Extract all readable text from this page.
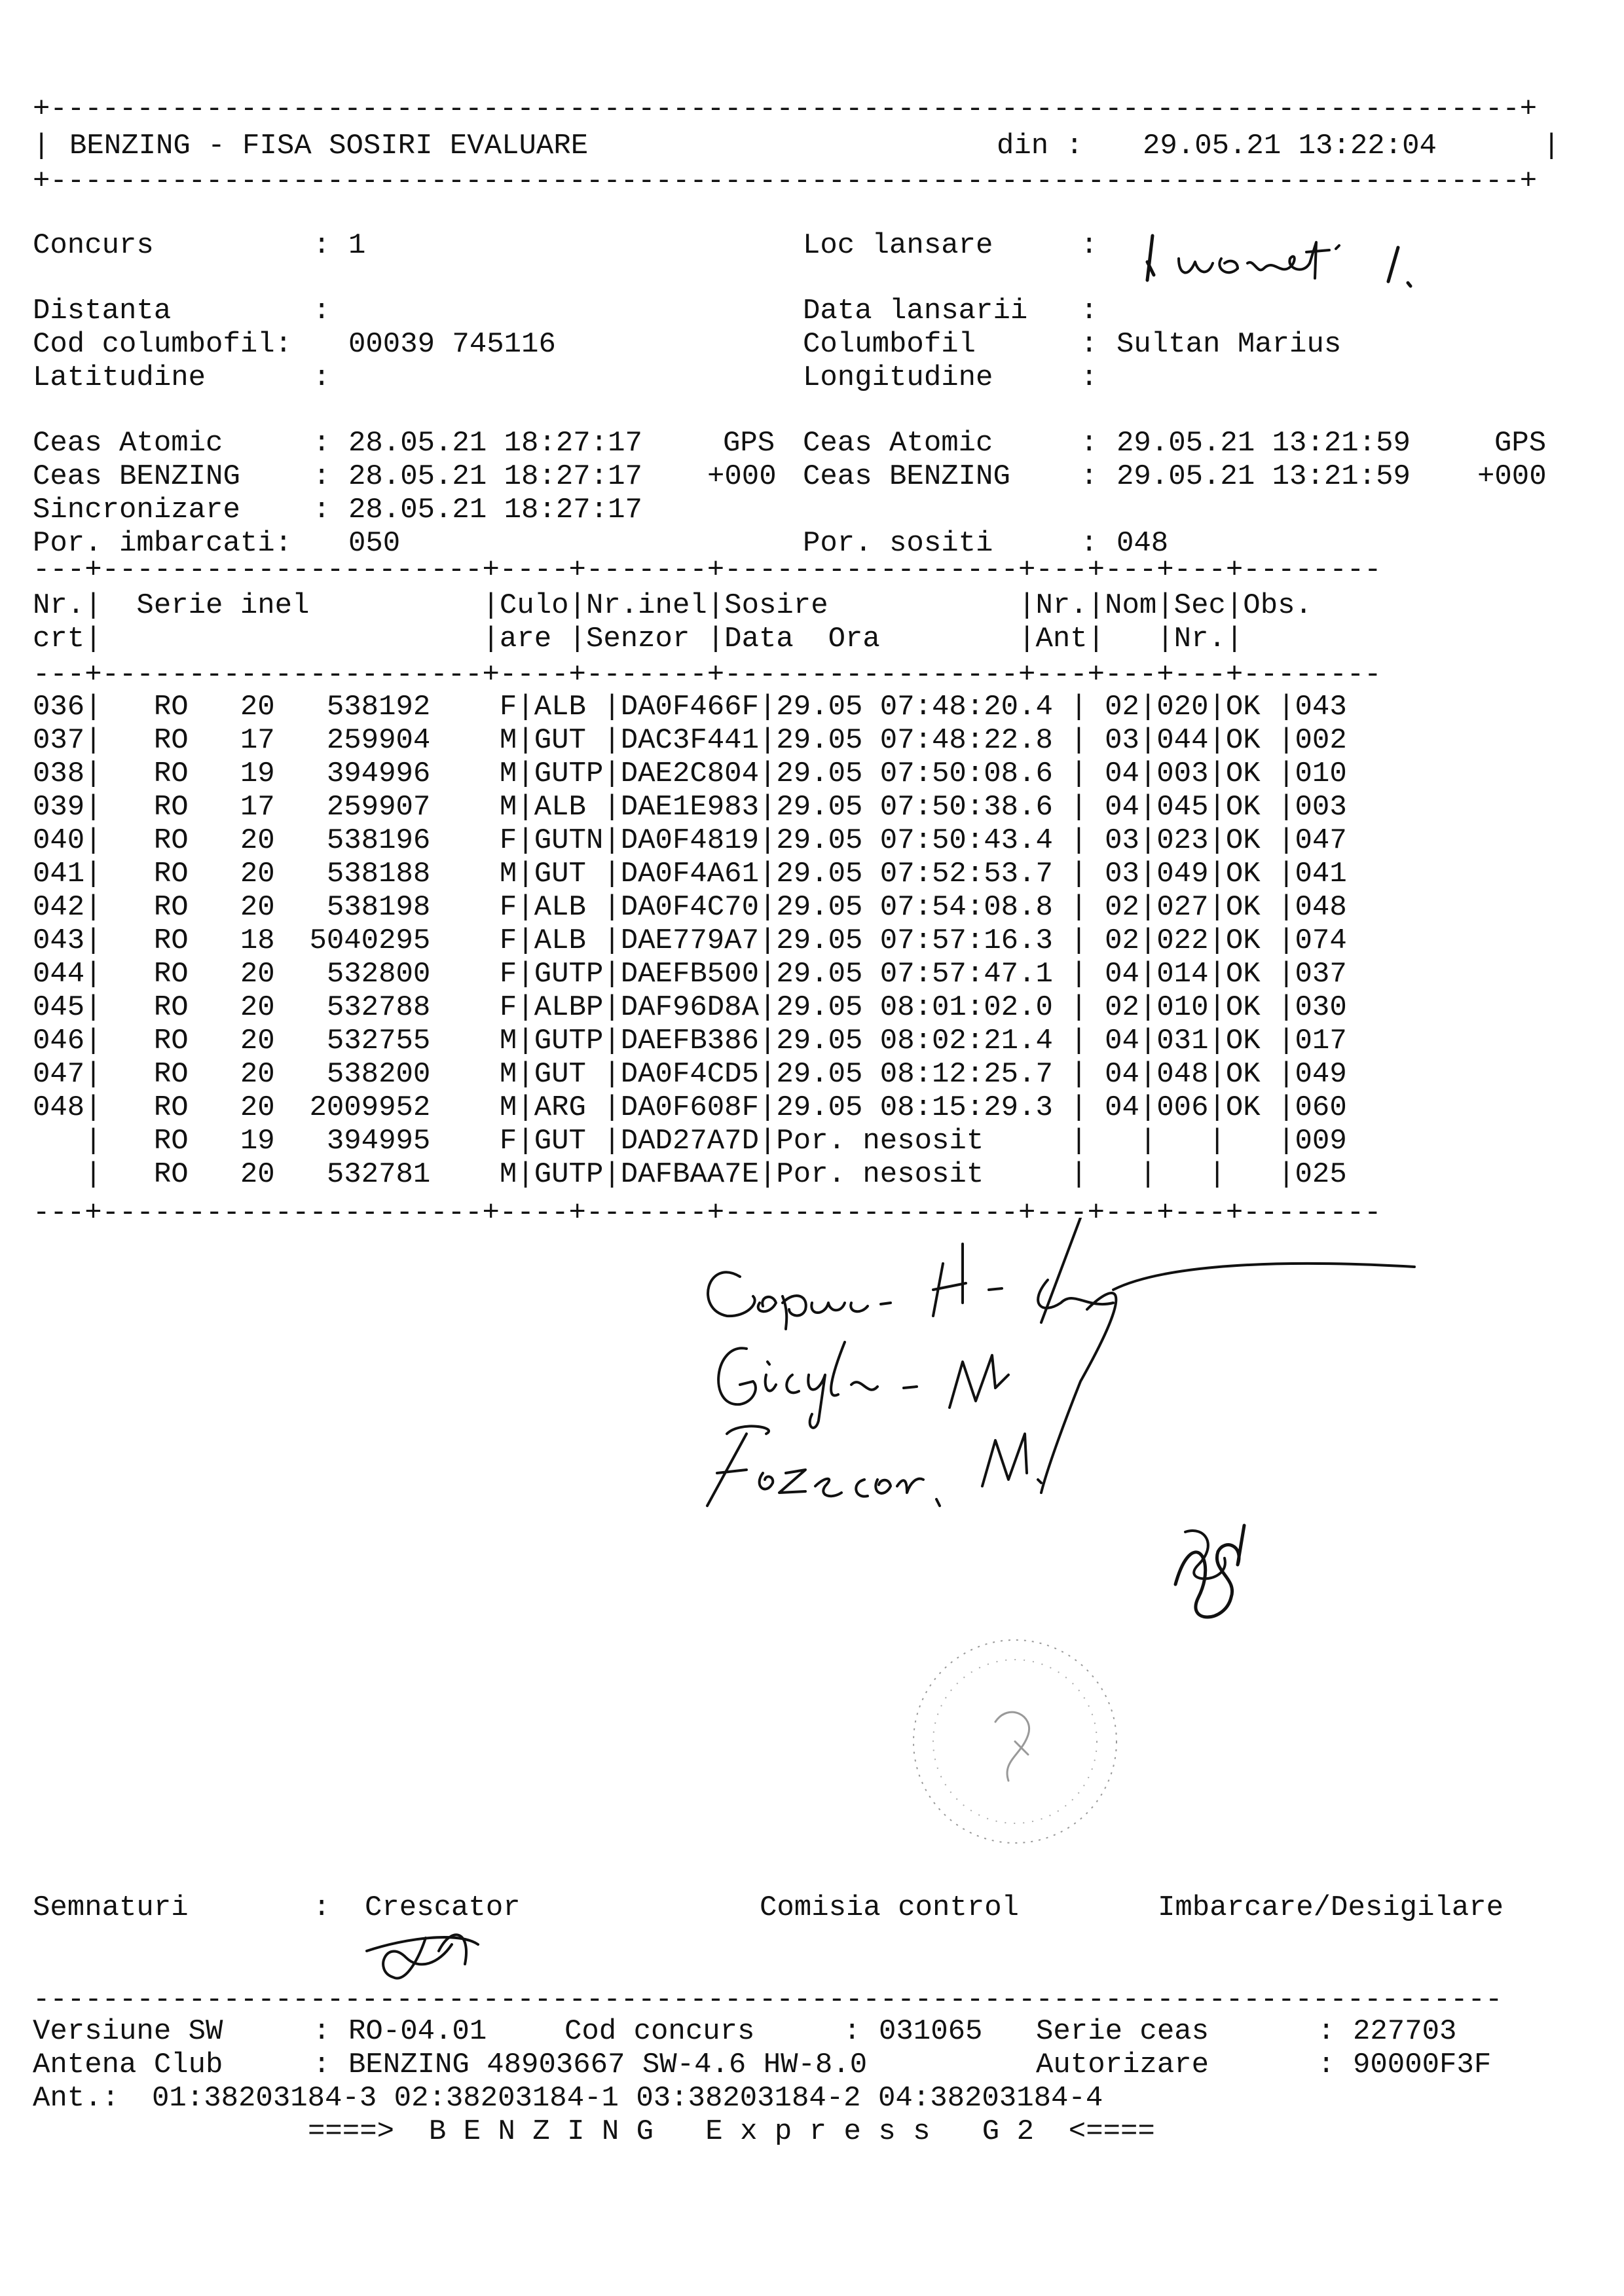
+-------------------------------------------------------------------------------------+
| BENZING - FISA SOSIRI EVALUARE	din : 29.05.21 13:22:04	|
+-------------------------------------------------------------------------------------+
Concurs	: 1	Loc lansare	:
Distanta	:	Data lansarii :
Cod columbofil: 00039 745116	Columbofil	: Sultan Marius
Latitudine	:	Longitudine	:
Ceas Atomic	: 28.05.21 18:27:17	GPS Ceas Atomic	: 29.05.21 13:21:59	GPS
Ceas BENZING	: 28.05.21 18:27:17 +000 Ceas BENZING : 29.05.21 13:21:59 +000
Sincronizare	: 28.05.21 18:27:17
Por. imbarcati: 050	Por. sositi	: 048
---+----------------------+----+-------+-----------------+---+---+---+--------
Nr.|  Serie inel          |Culo|Nr.inel|Sosire           |Nr.|Nom|Sec|Obs.
crt|                      |are |Senzor |Data  Ora        |Ant|   |Nr.|
---+----------------------+----+-------+-----------------+---+---+---+--------
036|   RO   20   538192    F|ALB |DA0F466F|29.05 07:48:20.4 | 02|020|OK |043
037|   RO   17   259904    M|GUT |DAC3F441|29.05 07:48:22.8 | 03|044|OK |002
038|   RO   19   394996    M|GUTP|DAE2C804|29.05 07:50:08.6 | 04|003|OK |010
039|   RO   17   259907    M|ALB |DAE1E983|29.05 07:50:38.6 | 04|045|OK |003
040|   RO   20   538196    F|GUTN|DA0F4819|29.05 07:50:43.4 | 03|023|OK |047
041|   RO   20   538188    M|GUT |DA0F4A61|29.05 07:52:53.7 | 03|049|OK |041
042|   RO   20   538198    F|ALB |DA0F4C70|29.05 07:54:08.8 | 02|027|OK |048
043|   RO   18  5040295    F|ALB |DAE779A7|29.05 07:57:16.3 | 02|022|OK |074
044|   RO   20   532800    F|GUTP|DAEFB500|29.05 07:57:47.1 | 04|014|OK |037
045|   RO   20   532788    F|ALBP|DAF96D8A|29.05 08:01:02.0 | 02|010|OK |030
046|   RO   20   532755    M|GUTP|DAEFB386|29.05 08:02:21.4 | 04|031|OK |017
047|   RO   20   538200    M|GUT |DA0F4CD5|29.05 08:12:25.7 | 04|048|OK |049
048|   RO   20  2009952    M|ARG |DA0F608F|29.05 08:15:29.3 | 04|006|OK |060
|   RO   19   394995    F|GUT |DAD27A7D|Por. nesosit     |   |   |   |009
|   RO   20   532781    M|GUTP|DAFBAA7E|Por. nesosit     |   |   |   |025
---+----------------------+----+-------+-----------------+---+---+---+--------
Semnaturi	: Crescator	Comisia control	Imbarcare/Desigilare
-------------------------------------------------------------------------------------
Versiune SW	: RO-04.01	Cod concurs	: 031065 Serie ceas	: 227703
Antena Club	: BENZING 48903667 SW-4.6 HW-8.0	Autorizare	: 90000F3F
Ant.: 01:38203184-3 02:38203184-1 03:38203184-2 04:38203184-4
====>  B E N Z I N G   E x p r e s s   G 2  <====
